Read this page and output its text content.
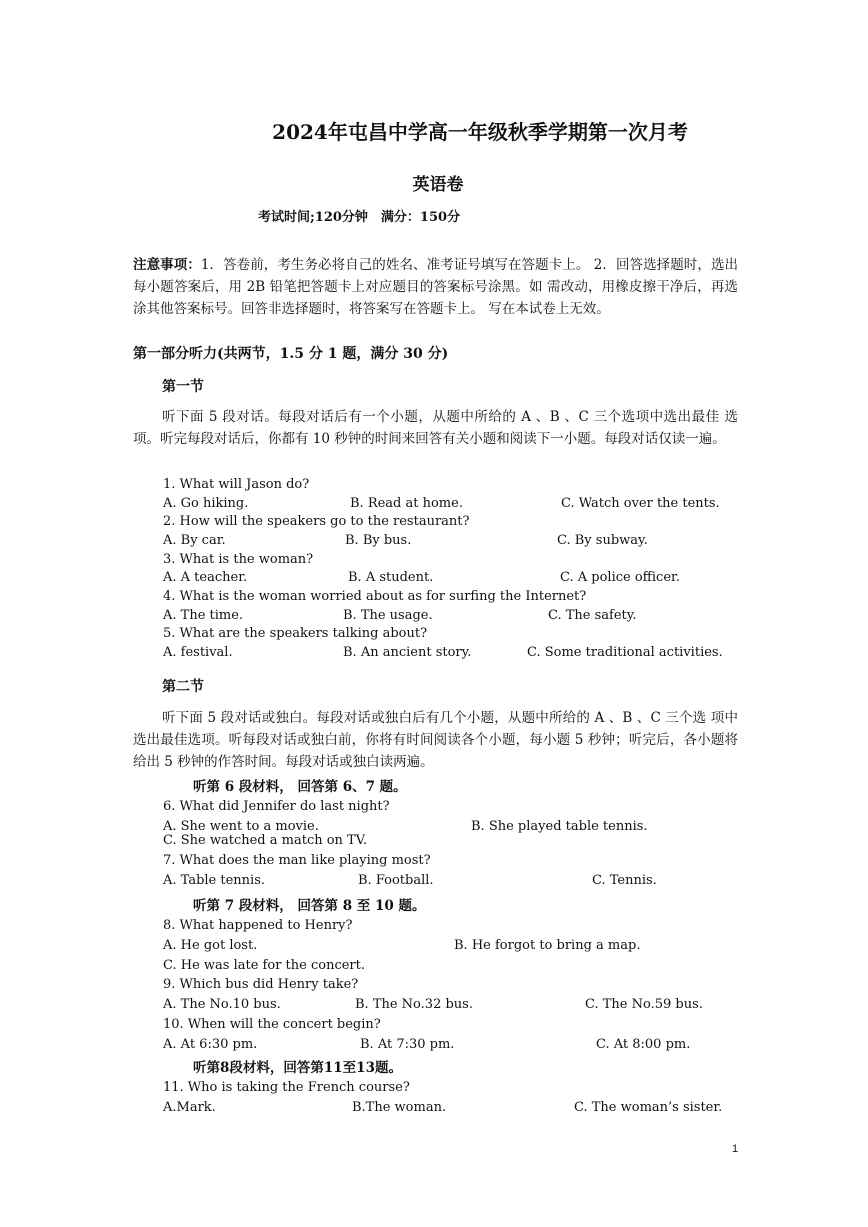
2024年屯昌中学高一年级秋季学期第一次月考
英语卷
考试时间;120分钟　满分：150分
注意事项：1．答卷前，考生务必将自己的姓名、准考证号填写在答题卡上。 2．回答选择题时，选出每小题答案后，用 2B 铅笔把答题卡上对应题目的答案标号涂黑。如 需改动，用橡皮擦干净后，再选涂其他答案标号。回答非选择题时，将答案写在答题卡上。 写在本试卷上无效。
第一部分听力(共两节，1.5 分 1 题，满分 30 分)
第一节
听下面 5 段对话。每段对话后有一个小题，从题中所给的 A 、B 、C 三个选项中选出最佳 选项。听完每段对话后，你都有 10 秒钟的时间来回答有关小题和阅读下一小题。每段对话仅读一遍。
1. What will Jason do?
A. Go hiking.	B. Read at home.	C. Watch over the tents.
2. How will the speakers go to the restaurant?
A. By car.	B. By bus.	C. By subway.
3. What is the woman?
A. A teacher.	B. A student.	C. A police officer.
4. What is the woman worried about as for surfing the Internet?
A. The time.	B. The usage.	C. The safety.
5. What are the speakers talking about?
A. festival.	B. An ancient story.	C. Some traditional activities.
第二节
听下面 5 段对话或独白。每段对话或独白后有几个小题，从题中所给的 A 、B 、C 三个选 项中选出最佳选项。听每段对话或独白前，你将有时间阅读各个小题，每小题 5 秒钟；听完后，各小题将给出 5 秒钟的作答时间。每段对话或独白读两遍。
听第 6 段材料， 回答第 6、7 题。
6. What did Jennifer do last night?
A. She went to a movie.	B. She played table tennis.
C. She watched a match on TV.
7. What does the man like playing most?
A. Table tennis.	B. Football.	C. Tennis.
听第 7 段材料， 回答第 8 至 10 题。
8. What happened to Henry?
A. He got lost.	B. He forgot to bring a map.
C. He was late for the concert.
9. Which bus did Henry take?
A. The No.10 bus.	B. The No.32 bus.	C. The No.59 bus.
10. When will the concert begin?
A. At 6:30 pm.	B. At 7:30 pm.	C. At 8:00 pm.
听第8段材料，回答第11至13题。
11. Who is taking the French course?
A.Mark.	B.The woman.	C. The woman’s sister.
1
